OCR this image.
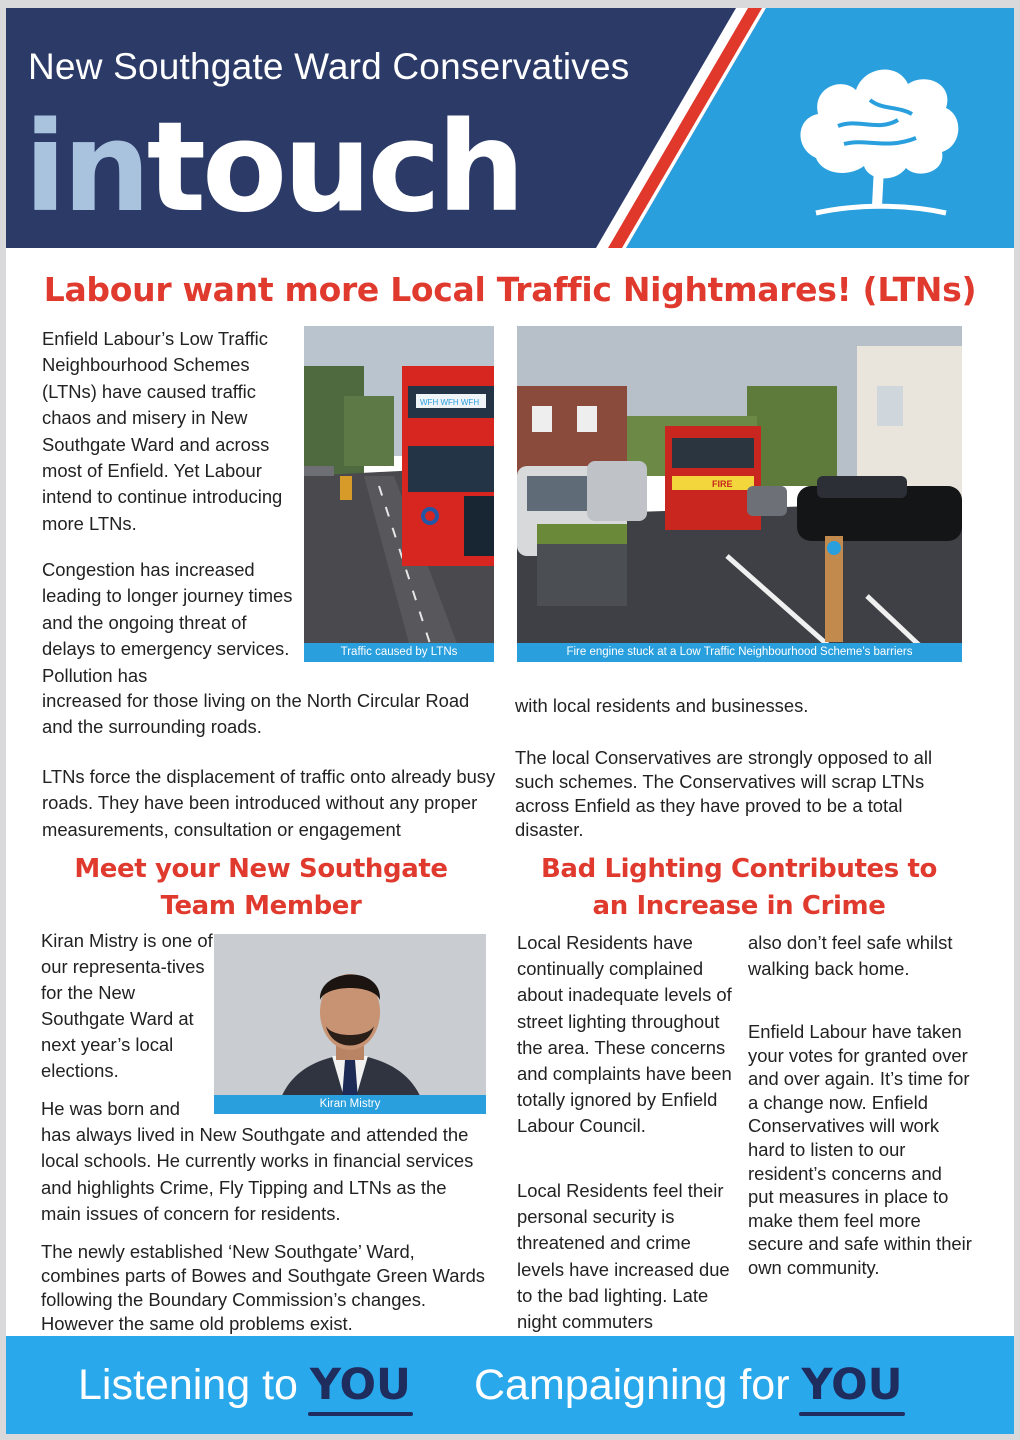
New Southgate Ward Conservatives
intouch
Labour want more Local Traffic Nightmares! (LTNs)
Enfield Labour’s Low Traffic Neighbourhood Schemes (LTNs) have caused traffic chaos and misery in New Southgate Ward and across most of Enfield. Yet Labour intend to continue introducing more LTNs.
Congestion has increased leading to longer journey times and the ongoing threat of delays to emergency services. Pollution has
increased for those living on the North Circular Road and the surrounding roads.
LTNs force the displacement of traffic onto already busy roads. They have been introduced without any proper measurements, consultation or engagement
WFH WFH WFH
Traffic caused by LTNs
FIRE
Fire engine stuck at a Low Traffic Neighbourhood Scheme’s barriers
with local residents and businesses.
The local Conservatives are strongly opposed to all such schemes. The Conservatives will scrap LTNs across Enfield as they have proved to be a total disaster.
Meet your New Southgate
Team Member
Kiran Mistry is one of our representa-tives for the New Southgate Ward at next year’s local elections.
Kiran Mistry
He was born and
has always lived in New Southgate and attended the local schools. He currently works in financial services and highlights Crime, Fly Tipping and LTNs as the main issues of concern for residents.
The newly established ‘New Southgate’ Ward, combines parts of Bowes and Southgate Green Wards following the Boundary Commission’s changes. However the same old problems exist.
Bad Lighting Contributes to
an Increase in Crime
Local Residents have continually complained about inadequate levels of street lighting throughout the area. These concerns and complaints have been totally ignored by Enfield Labour Council.
Local Residents feel their personal security is threatened and crime levels have increased due to the bad lighting. Late night commuters
also don’t feel safe whilst walking back home.
Enfield Labour have taken your votes for granted over and over again. It’s time for a change now. Enfield Conservatives will work hard to listen to our resident’s concerns and put measures in place to make them feel more secure and safe within their own community.
Listening to YOU Campaigning for YOU
